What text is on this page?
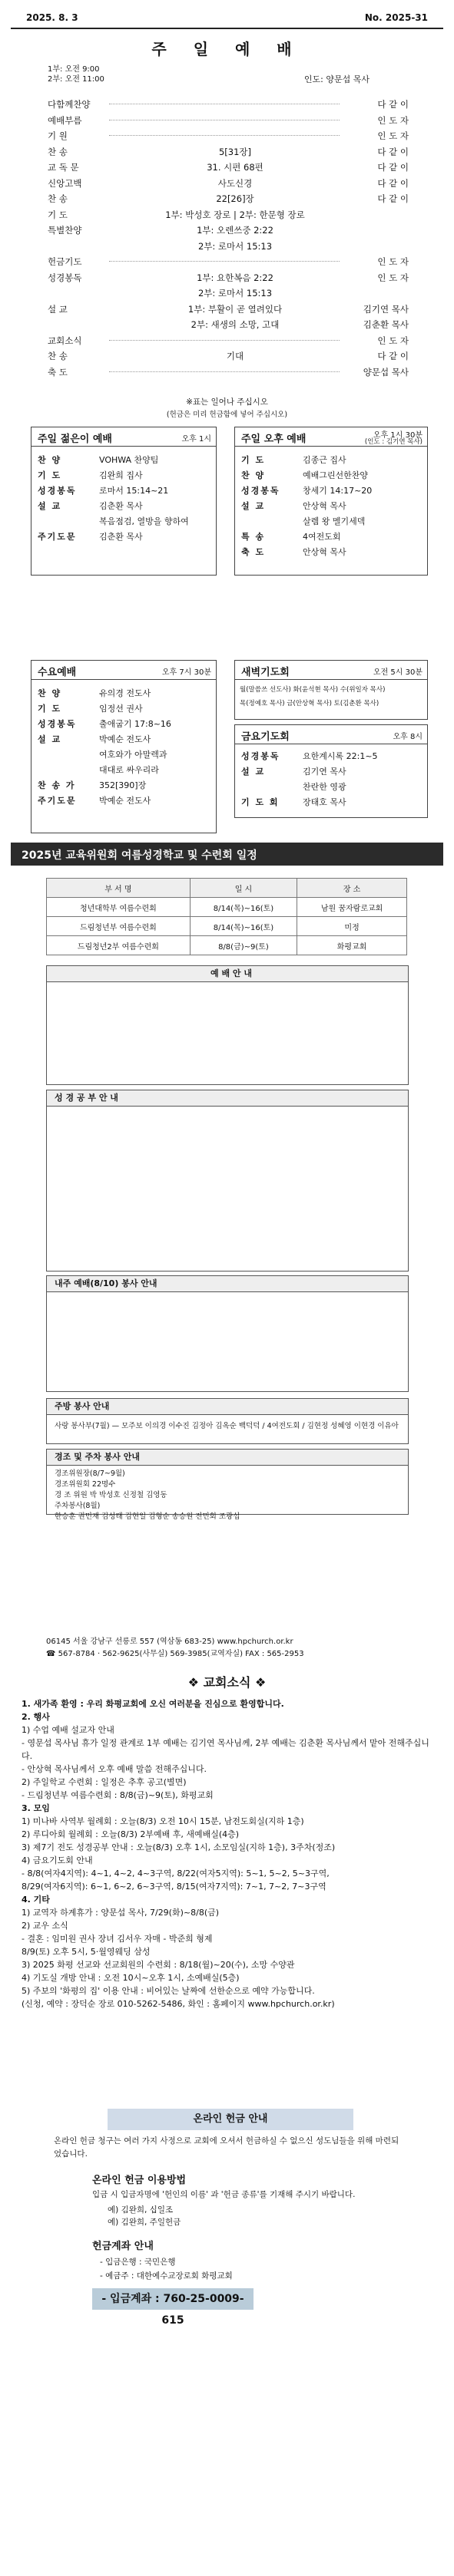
2025. 8. 3	No. 2025-31
주 일 예 배
1부: 오전 9:00
2부: 오전 11:00	인도: 양문섭 목사
다함께찬양	다 같 이
예배부름	인 도 자
기 원	인 도 자
찬 송	5[31장]	다 같 이
교 독 문	31. 시편 68편	다 같 이
신앙고백	사도신경	다 같 이
찬 송	22[26]장	다 같 이
기 도	1부: 박성호 장로 | 2부: 한문형 장로
특별찬양	1부: 오렌쓰중 2:22
2부: 로마서 15:13
헌금기도	인 도 자
성경봉독	1부: 요한복음 2:22	인 도 자
2부: 로마서 15:13
설 교	1부: 부활이 곧 열려있다	김기연 목사
2부: 새생의 소망, 고대	김춘환 목사
교회소식	인 도 자
찬 송	기대	다 같 이
축 도	양문섭 목사
※표는 일어나 주십시오
(헌금은 미리 헌금함에 넣어 주십시오)
주일 젊은이 예배	오후 1시
찬 양	VOHWA 찬양팀
기 도	김완희 집사
성경봉독	로마서 15:14~21
설 교	김춘환 목사
복음점검, 열방을 향하여
주기도문	김춘환 목사
주일 오후 예배	오후 1시 30분
(인도 : 김기연 목사)
기 도	김종근 집사
찬 양	예배그린선한찬양
성경봉독	창세기 14:17~20
설 교	안상혁 목사
살렘 왕 멜기세덱
특 송	4여전도회
축 도	안상혁 목사
수요예배	오후 7시 30분
찬 양	유의경 전도사
기 도	임정선 권사
성경봉독	출애굽기 17:8~16
설 교	박예순 전도사
여호와가 아말렉과
대대로 싸우리라
찬 송 가	352[390]장
주기도문	박예순 전도사
새벽기도회	오전 5시 30분
월(말씀쓰 선도사) 화(윤석현 목사) 수(위일자 목사)
목(정예호 목사) 금(안상혁 목사) 토(김춘환 목사)
금요기도회	오후 8시
성경봉독	요한계시록 22:1~5
설 교	김기연 목사
찬란한 영광
기 도 회	장태호 목사
2025년 교육위원회 여름성경학교 및 수련회 일정
부 서 명	일 시	장 소
청년대학부 여름수련회	8/14(목)~16(토)	남원 꿈자람로교회
드림청년부 여름수련회	8/14(목)~16(토)	미정
드림청년2부 여름수련회	8/8(금)~9(토)	화평교회
예 배 안 내
성 경 공 부 안 내
내주 예배(8/10) 봉사 안내
주방 봉사 안내
사랑 봉사부(7월) — 모주보 이의경 이수진 김정아 김옥순 백덕덕 / 4여전도회 / 김현정 성혜영 이현경 이유아
경조 및 주차 봉사 안내
경조위원장(8/7~9월)
경조위원회 22명수
경 조 위원 박 박성호 신정철 김영동
주차봉사(8월)
한승훈 권민재 김성태 김현일 김형순 송승원 전민회 조광섭
06145 서울 강남구 선릉로 557 (역삼동 683-25) www.hpchurch.or.kr
☎ 567-8784 · 562-9625(사무실) 569-3985(교역자실) FAX : 565-2953
❖ 교회소식 ❖
1. 새가족 환영 : 우리 화평교회에 오신 여러분을 진심으로 환영합니다.
2. 행사
1) 수업 예배 설교자 안내
- 영문섭 목사님 휴가 일정 관계로 1부 예배는 김기연 목사님께, 2부 예배는 김춘환 목사님께서 맡아 전해주십니다.
- 안상혁 목사님께서 오후 예배 말씀 전해주십니다.
2) 주일학교 수련회 : 일정은 추후 공고(별면)
- 드림청년부 여름수련회 : 8/8(금)~9(토), 화평교회
3. 모임
1) 미나바 사역부 월례회 : 오늘(8/3) 오전 10시 15분, 남전도회실(지하 1층)
2) 루디아회 월례회 : 오늘(8/3) 2부예배 후, 새예배실(4층)
3) 제7기 전도 성경공부 안내 : 오늘(8/3) 오후 1시, 소모임실(지하 1층), 3주차(정조)
4) 금요기도회 안내
- 8/8(여자4지역): 4~1, 4~2, 4~3구역, 8/22(여자5지역): 5~1, 5~2, 5~3구역,
8/29(여자6지역): 6~1, 6~2, 6~3구역, 8/15(여자7지역): 7~1, 7~2, 7~3구역
4. 기타
1) 교역자 하계휴가 : 양문섭 목사, 7/29(화)~8/8(금)
2) 교우 소식
- 결혼 : 임미원 권사 장녀 김서우 자매 - 박준희 형제
8/9(토) 오후 5시, 5·월영웨딩 삼성
3) 2025 화평 선교와 선교회원의 수련회 : 8/18(월)~20(수), 소망 수양관
4) 기도실 개방 안내 : 오전 10시~오후 1시, 소예배실(5층)
5) 주보의 '화평의 집' 이용 안내 : 비어있는 날짜에 선한순으로 예약 가능합니다.
(신청, 예약 : 장덕순 장로 010-5262-5486, 화인 : 홈페이지 www.hpchurch.or.kr)
온라인 헌금 안내
온라인 헌금 청구는 여러 가지 사정으로 교회에 오셔서 헌금하실 수 없으신 성도님들을 위해 마련되었습니다.
온라인 헌금 이용방법
입금 시 입금자명에 '헌인의 이름' 과 '헌금 종류'를 기재해 주시기 바랍니다.
예) 김완희, 십일조
예) 김완희, 주일헌금
헌금계좌 안내
- 입금은행 : 국민은행
- 예금주 : 대한예수교장로회 화평교회
- 입금계좌 : 760-25-0009-615
